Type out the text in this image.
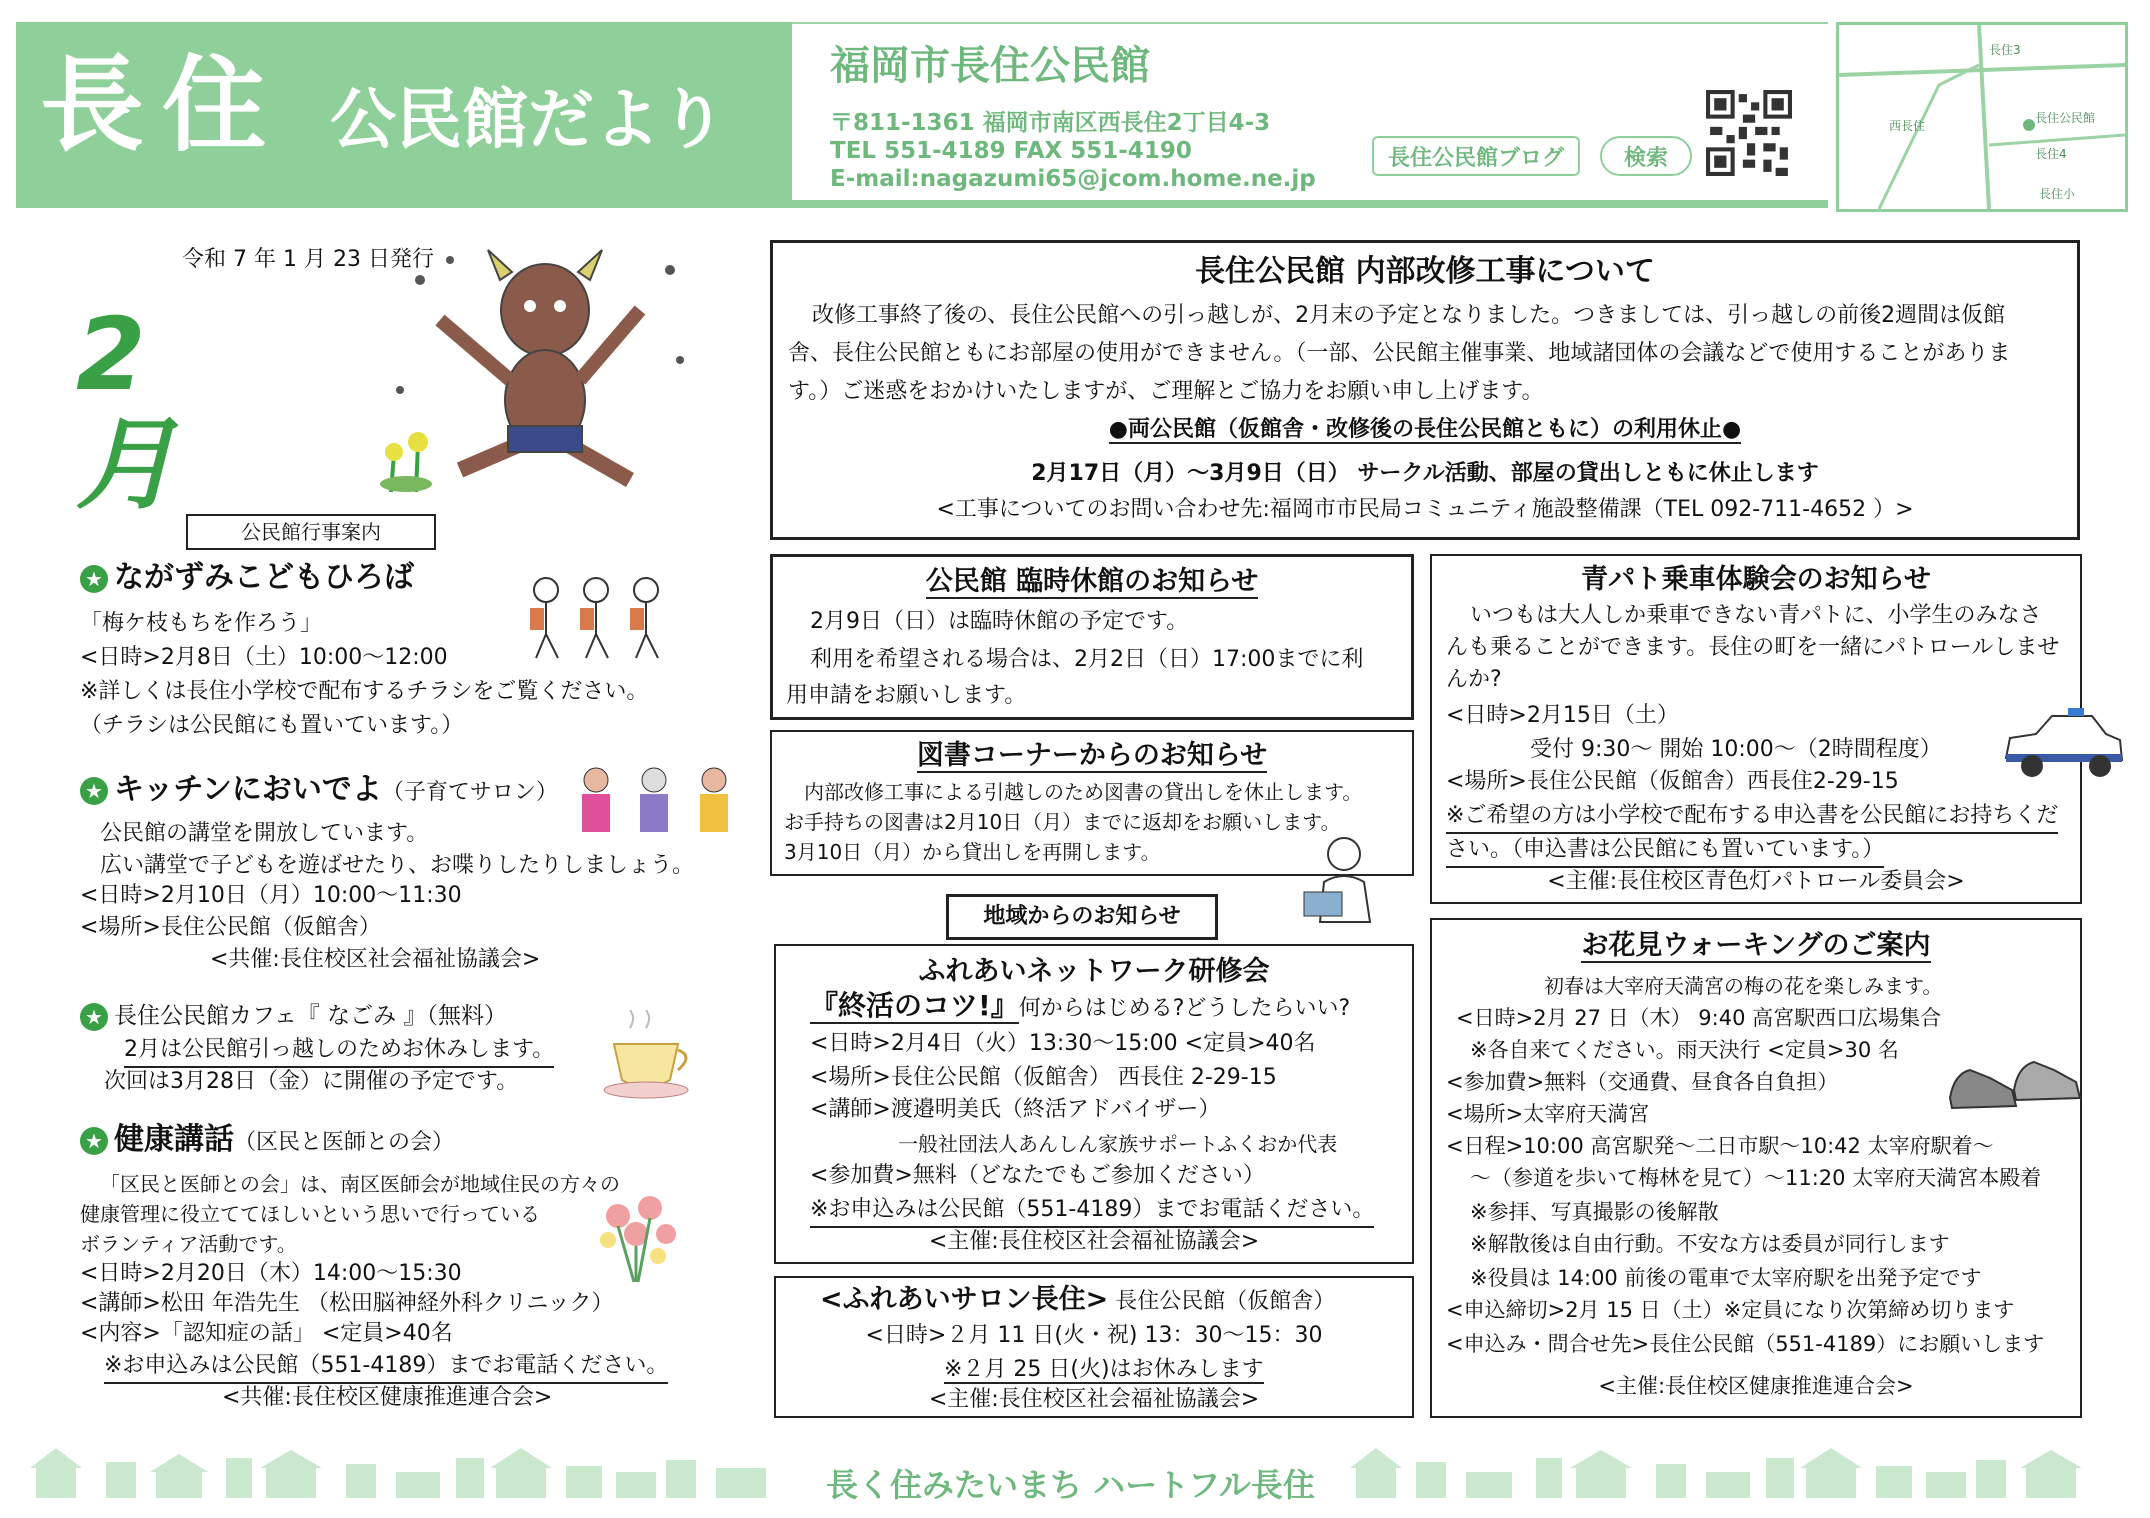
長住 公民館だより
福岡市長住公民館
〒811-1361 福岡市南区西長住2丁目4-3
TEL 551-4189 FAX 551-4190
E-mail:nagazumi65@jcom.home.ne.jp
長住公民館ブログ	検索
長住3
長住公民館
長住4
長住小
西長住
令和 7 年 1 月 23 日発行
2月
公民館行事案内
★ ながずみこどもひろば
「梅ケ枝もちを作ろう」
<日時>2月8日（土）10:00～12:00
※詳しくは長住小学校で配布するチラシをご覧ください。
（チラシは公民館にも置いています。）
★ キッチンにおいでよ（子育てサロン）
公民館の講堂を開放しています。
広い講堂で子どもを遊ばせたり、お喋りしたりしましょう。
<日時>2月10日（月）10:00～11:30
<場所>長住公民館（仮館舎）
<共催:長住校区社会福祉協議会>
★ 長住公民館カフェ『 なごみ 』（無料）
2月は公民館引っ越しのためお休みします。
次回は3月28日（金）に開催の予定です。
★ 健康講話（区民と医師との会）
「区民と医師との会」は、南区医師会が地域住民の方々の
健康管理に役立ててほしいという思いで行っている
ボランティア活動です。
<日時>2月20日（木）14:00～15:30
<講師>松田 年浩先生 （松田脳神経外科クリニック）
<内容>「認知症の話」 <定員>40名
※お申込みは公民館（551-4189）までお電話ください。
<共催:長住校区健康推進連合会>
長住公民館 内部改修工事について
改修工事終了後の、長住公民館への引っ越しが、2月末の予定となりました。つきましては、引っ越しの前後2週間は仮館
舎、長住公民館ともにお部屋の使用ができません。（一部、公民館主催事業、地域諸団体の会議などで使用することがありま
す。）ご迷惑をおかけいたしますが、ご理解とご協力をお願い申し上げます。
●両公民館（仮館舎・改修後の長住公民館ともに）の利用休止●
2月17日（月）～3月9日（日） サークル活動、部屋の貸出しともに休止します
<工事についてのお問い合わせ先:福岡市市民局コミュニティ施設整備課（TEL 092-711-4652 ）>
公民館 臨時休館のお知らせ
2月9日（日）は臨時休館の予定です。
利用を希望される場合は、2月2日（日）17:00までに利
用申請をお願いします。
図書コーナーからのお知らせ
内部改修工事による引越しのため図書の貸出しを休止します。
お手持ちの図書は2月10日（月）までに返却をお願いします。
3月10日（月）から貸出しを再開します。
地域からのお知らせ
ふれあいネットワーク研修会
『終活のコツ!』何からはじめる?どうしたらいい?
<日時>2月4日（火）13:30～15:00 <定員>40名
<場所>長住公民館（仮館舎） 西長住 2-29-15
<講師>渡邉明美氏（終活アドバイザー）
一般社団法人あんしん家族サポートふくおか代表
<参加費>無料（どなたでもご参加ください）
※お申込みは公民館（551-4189）までお電話ください。
<主催:長住校区社会福祉協議会>
<ふれあいサロン長住> 長住公民館（仮館舎）
<日時>２月 11 日(火・祝) 13：30～15：30
※２月 25 日(火)はお休みします
<主催:長住校区社会福祉協議会>
青パト乗車体験会のお知らせ
いつもは大人しか乗車できない青パトに、小学生のみなさ
んも乗ることができます。長住の町を一緒にパトロールしませ
んか?
<日時>2月15日（土）
受付 9:30～ 開始 10:00～（2時間程度）
<場所>長住公民館（仮館舎）西長住2-29-15
※ご希望の方は小学校で配布する申込書を公民館にお持ちくだ
さい。（申込書は公民館にも置いています。）
<主催:長住校区青色灯パトロール委員会>
お花見ウォーキングのご案内
初春は大宰府天満宮の梅の花を楽しみます。
<日時>2月 27 日（木） 9:40 高宮駅西口広場集合
※各自来てください。雨天決行 <定員>30 名
<参加費>無料（交通費、昼食各自負担）
<場所>太宰府天満宮
<日程>10:00 高宮駅発～二日市駅～10:42 太宰府駅着～
～（参道を歩いて梅林を見て）～11:20 太宰府天満宮本殿着
※参拝、写真撮影の後解散
※解散後は自由行動。不安な方は委員が同行します
※役員は 14:00 前後の電車で太宰府駅を出発予定です
<申込締切>2月 15 日（土）※定員になり次第締め切ります
<申込み・問合せ先>長住公民館（551-4189）にお願いします
<主催:長住校区健康推進連合会>
長く住みたいまち ハートフル長住
